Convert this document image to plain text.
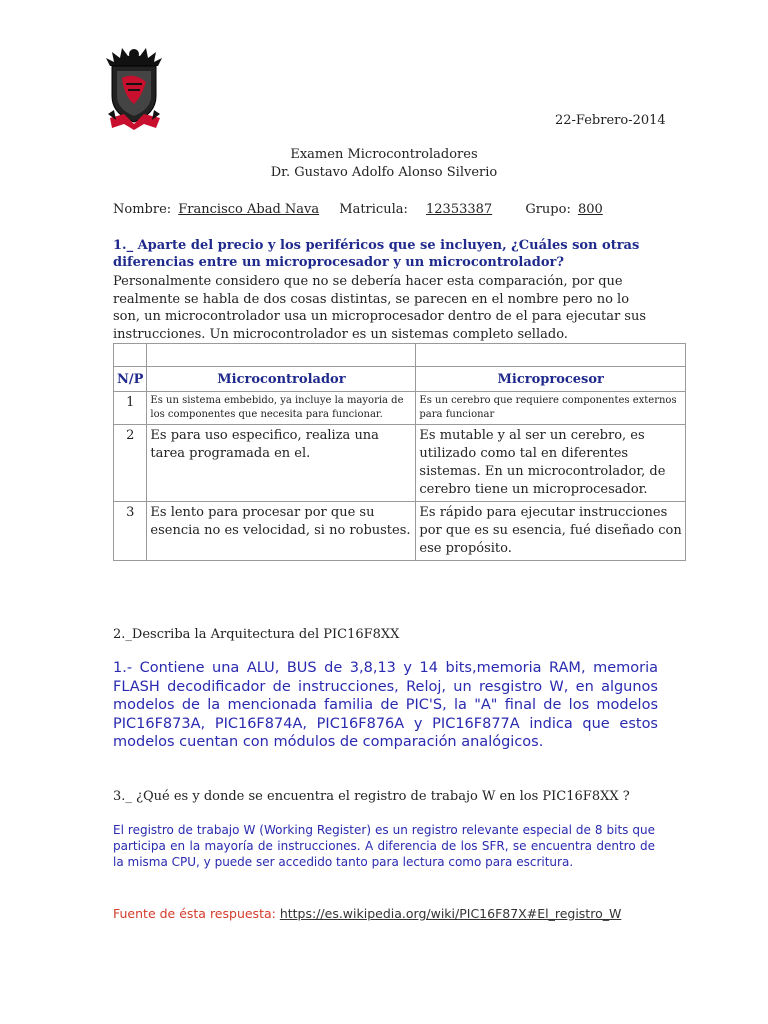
22-Febrero-2014
Examen Microcontroladores
Dr. Gustavo Adolfo Alonso Silverio
Nombre: Francisco Abad Nava Matricula: 12353387	Grupo: 800
1._ Aparte del precio y los periféricos que se incluyen, ¿Cuáles son otras diferencias entre un microprocesador y un microcontrolador?
Personalmente considero que no se debería hacer esta comparación, por que realmente se habla de dos cosas distintas, se parecen en el nombre pero no lo son, un microcontrolador usa un microprocesador dentro de el para ejecutar sus instrucciones. Un microcontrolador es un sistemas completo sellado.

N/P	Microcontrolador	Microprocesor
1	Es un sistema embebido, ya incluye la mayoria de los componentes que necesita para funcionar.	Es un cerebro que requiere componentes externos para funcionar
2	Es para uso especifico, realiza una tarea programada en el.	Es mutable y al ser un cerebro, es utilizado como tal en diferentes sistemas. En un microcontrolador, de cerebro tiene un microprocesador.
3	Es lento para procesar por que su esencia no es velocidad, si no robustes.	Es rápido para ejecutar instrucciones por que es su esencia, fué diseñado con ese propósito.
2._Describa la Arquitectura del PIC16F8XX
1.- Contiene una ALU, BUS de 3,8,13 y 14 bits,memoria RAM, memoria FLASH decodificador de instrucciones, Reloj, un resgistro W, en algunos modelos de la mencionada familia de PIC'S, la "A" final de los modelos PIC16F873A, PIC16F874A, PIC16F876A y PIC16F877A indica que estos modelos cuentan con módulos de comparación analógicos.
3._ ¿Qué es y donde se encuentra el registro de trabajo W en los PIC16F8XX ?
El registro de trabajo W (Working Register) es un registro relevante especial de 8 bits que participa en la mayoría de instrucciones. A diferencia de los SFR, se encuentra dentro de la misma CPU, y puede ser accedido tanto para lectura como para escritura.
Fuente de ésta respuesta: https://es.wikipedia.org/wiki/PIC16F87X#El_registro_W
